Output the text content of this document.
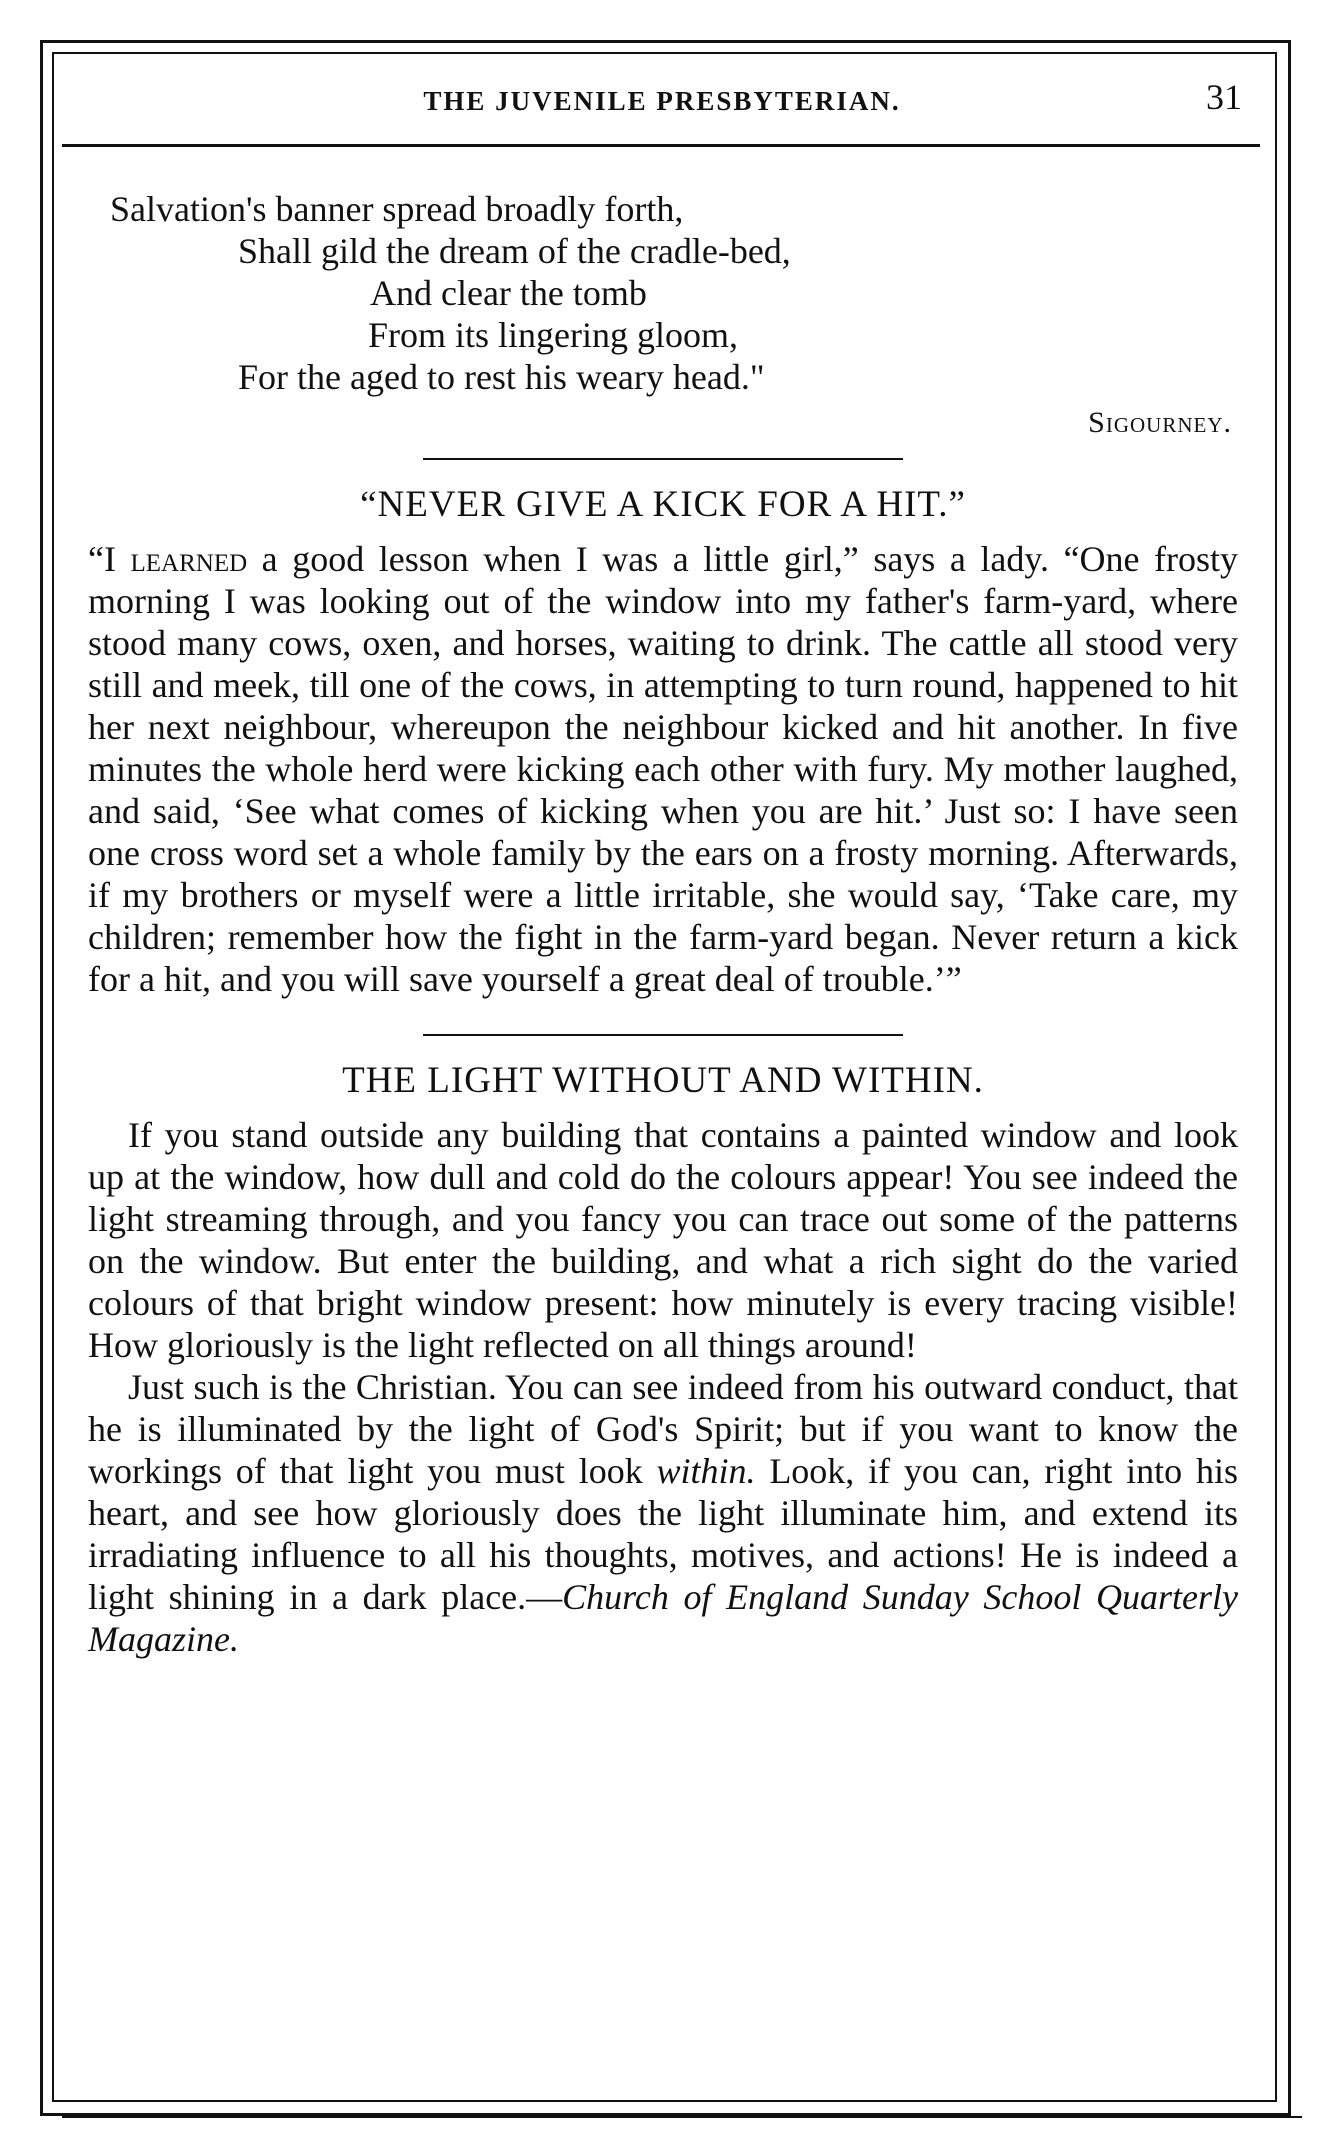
THE JUVENILE PRESBYTERIAN.	31
Salvation's banner spread broadly forth,
Shall gild the dream of the cradle-bed,
And clear the tomb
From its lingering gloom,
For the aged to rest his weary head."
Sigourney.
“NEVER GIVE A KICK FOR A HIT.”

“I learned a good lesson when I was a little girl,” says a lady. “One frosty morning I was looking out of the window into my father's farm-yard, where stood many cows, oxen, and horses, waiting to drink. The cattle all stood very still and meek, till one of the cows, in attempting to turn round, happened to hit her next neighbour, whereupon the neighbour kicked and hit another. In five minutes the whole herd were kicking each other with fury. My mother laughed, and said, ‘See what comes of kicking when you are hit.’ Just so: I have seen one cross word set a whole family by the ears on a frosty morning. Afterwards, if my brothers or myself were a little irritable, she would say, ‘Take care, my children; remember how the fight in the farm-yard began. Never return a kick for a hit, and you will save yourself a great deal of trouble.’”

THE LIGHT WITHOUT AND WITHIN.

If you stand outside any building that contains a painted window and look up at the window, how dull and cold do the colours appear! You see indeed the light streaming through, and you fancy you can trace out some of the patterns on the window. But enter the building, and what a rich sight do the varied colours of that bright window present: how minutely is every tracing visible! How gloriously is the light reflected on all things around!

Just such is the Christian. You can see indeed from his outward conduct, that he is illuminated by the light of God's Spirit; but if you want to know the workings of that light you must look within. Look, if you can, right into his heart, and see how gloriously does the light illuminate him, and extend its irradiating influence to all his thoughts, motives, and actions! He is indeed a light shining in a dark place.—Church of England Sunday School Quarterly Magazine.
